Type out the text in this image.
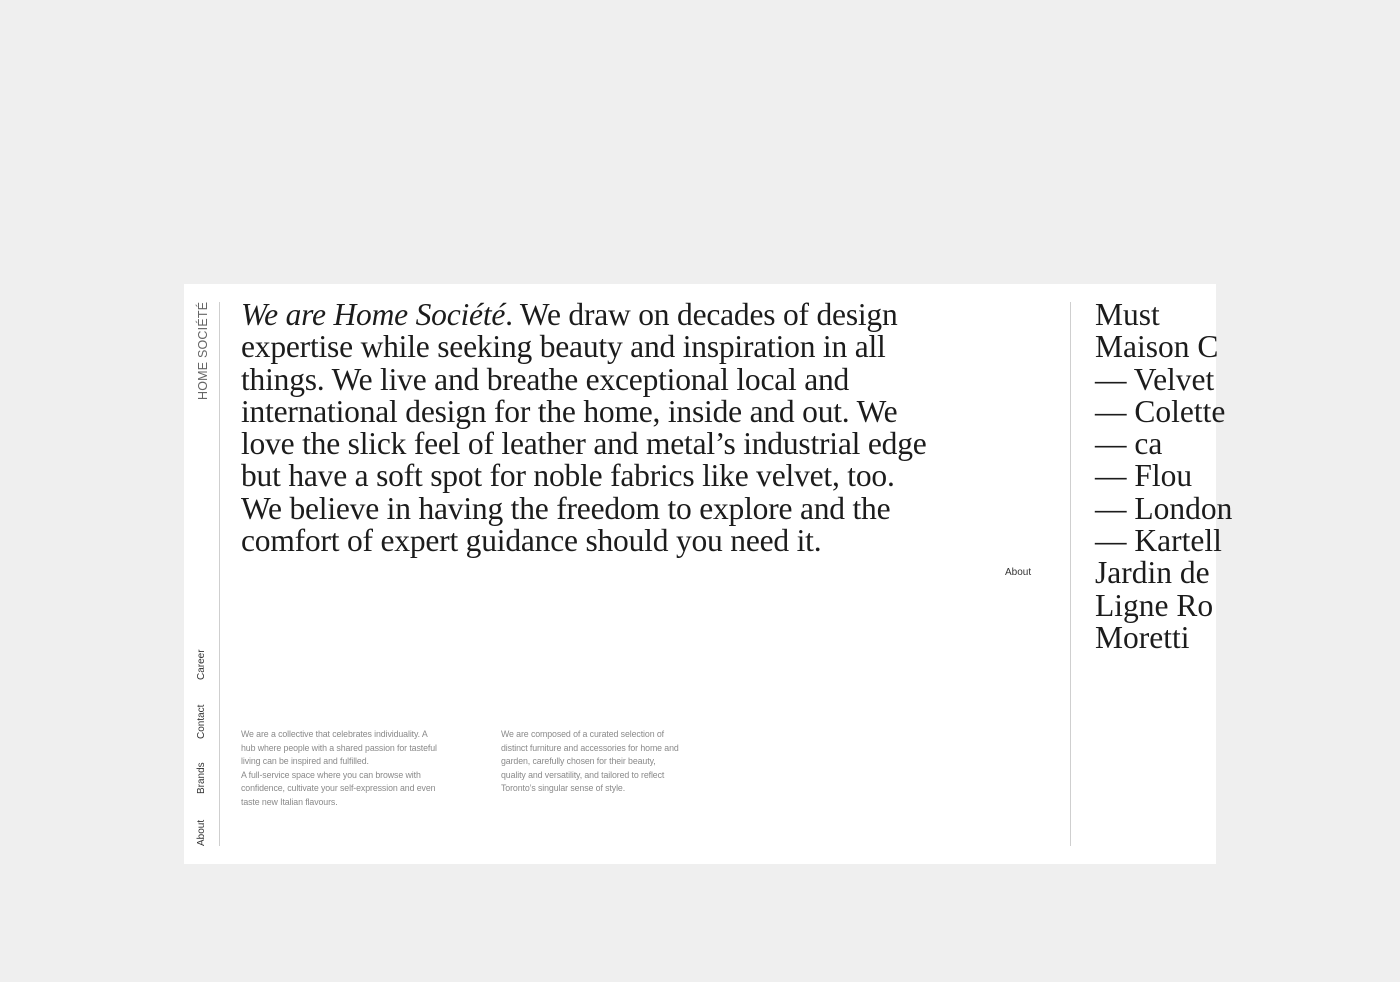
HOME SOCIÉTÉ
Career
Contact
Brands
About

We are Home Société. We draw on decades of design expertise while seeking beauty and inspiration in all things. We live and breathe exceptional local and international design for the home, inside and out. We love the slick feel of leather and metal’s industrial edge but have a soft spot for noble fabrics like velvet, too. We believe in having the freedom to explore and the comfort of expert guidance should you need it.

We are a collective that celebrates individuality. A hub where people with a shared passion for tasteful living can be inspired and fulfilled.

A full-service space where you can browse with confidence, cultivate your self-expression and even taste new Italian flavours.

We are composed of a curated selection of distinct furniture and accessories for home and garden, carefully chosen for their beauty, quality and versatility, and tailored to reflect Toronto’s singular sense of style.

About
Must
Maison C
— Velvet
— Colette
— ca
— Flou
— London
— Kartell
Jardin de
Ligne Ro
Moretti
